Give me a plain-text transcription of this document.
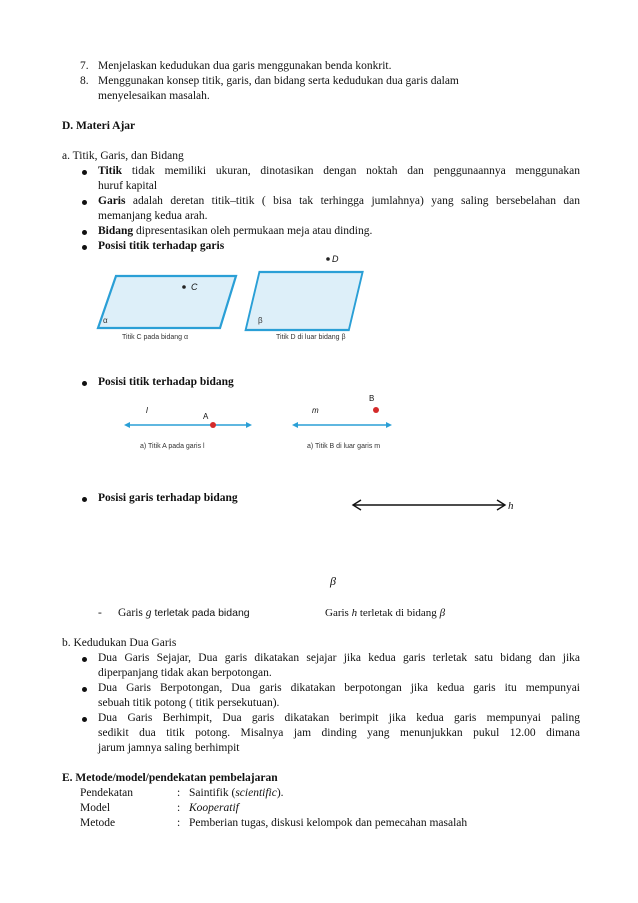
7. Menjelaskan kedudukan dua garis menggunakan benda konkrit.
8. Menggunakan konsep titik, garis, dan bidang serta kedudukan dua garis dalam
menyelesaikan masalah.
D. Materi Ajar
a. Titik, Garis, dan Bidang
Titik tidak memiliki ukuran, dinotasikan dengan noktah dan penggunaannya menggunakan
huruf kapital
Garis adalah deretan titik–titik ( bisa tak terhingga jumlahnya) yang saling bersebelahan dan
memanjang kedua arah.
Bidang dipresentasikan oleh permukaan meja atau dinding.
Posisi titik terhadap garis
C
α
Titik C pada bidang α
D
β
Titik D di luar bidang β
Posisi titik terhadap bidang
l
A
a) Titik A pada garis l
m
B
a) Titik B di luar garis m
Posisi garis terhadap bidang
h
β
- Garis g terletak pada bidang	Garis h terletak di bidang β
b. Kedudukan Dua Garis
Dua Garis Sejajar, Dua garis dikatakan sejajar jika kedua garis terletak satu bidang dan jika
diperpanjang tidak akan berpotongan.
Dua Garis Berpotongan, Dua garis dikatakan berpotongan jika kedua garis itu mempunyai
sebuah titik potong ( titik persekutuan).
Dua Garis Berhimpit, Dua garis dikatakan berimpit jika kedua garis mempunyai paling
sedikit dua titik potong. Misalnya jam dinding yang menunjukkan pukul 12.00 dimana
jarum jamnya saling berhimpit
E. Metode/model/pendekatan pembelajaran
Pendekatan	: Saintifik (scientific).
Model	: Kooperatif
Metode	: Pemberian tugas, diskusi kelompok dan pemecahan masalah
